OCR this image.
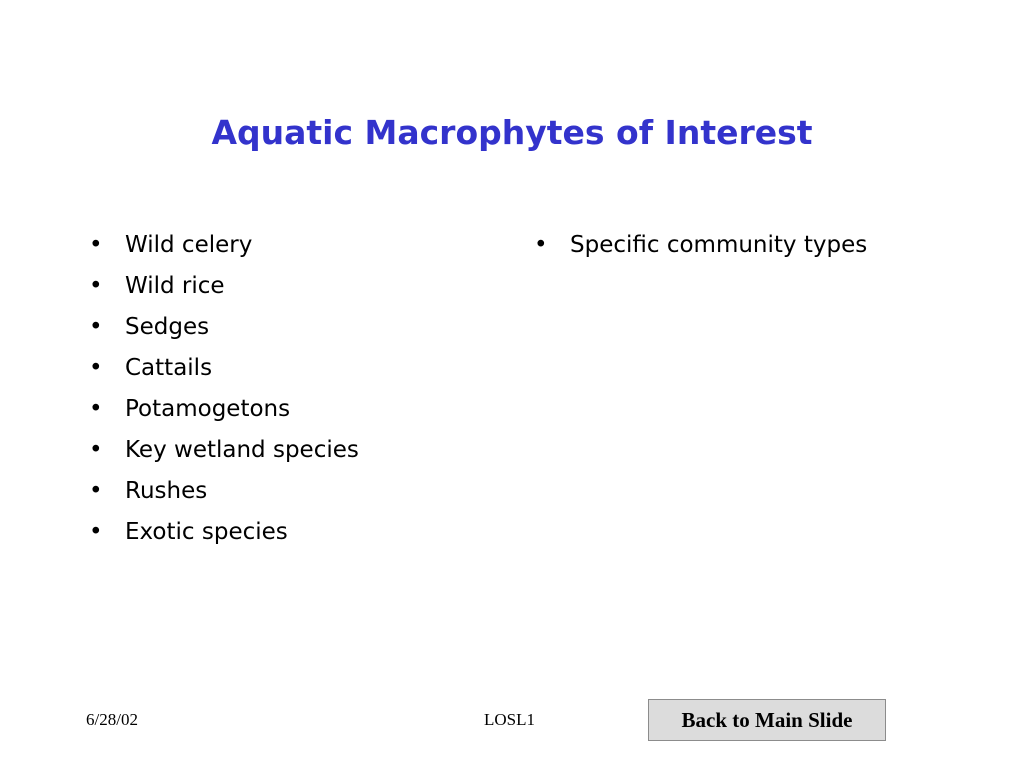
Aquatic Macrophytes of Interest
• Wild celery
• Wild rice
• Sedges
• Cattails
• Potamogetons
• Key wetland species
• Rushes
• Exotic species
• Specific community types
6/28/02	LOSL1	Back to Main Slide
